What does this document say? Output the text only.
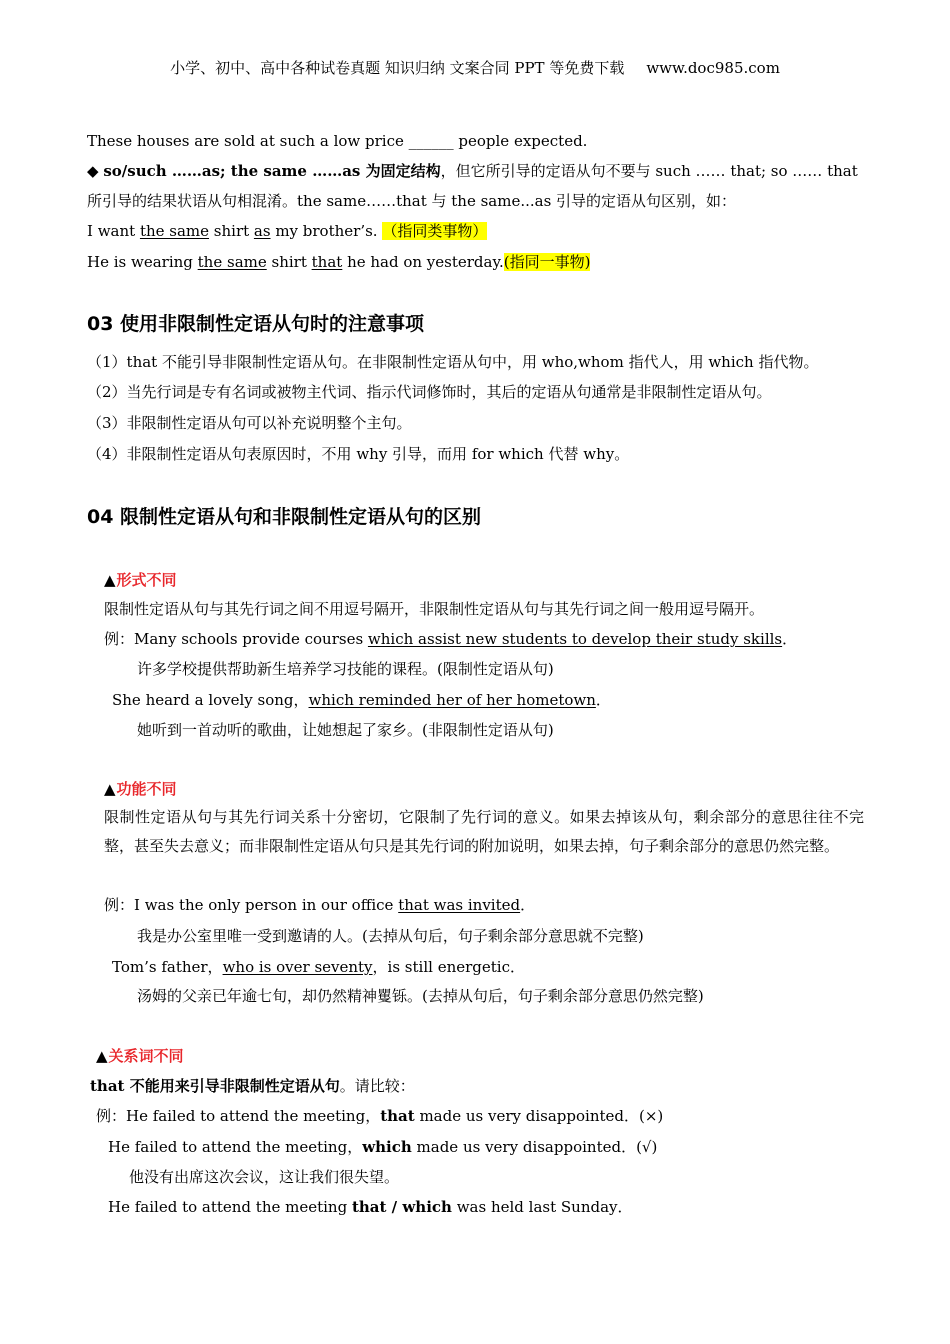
小学、初中、高中各种试卷真题 知识归纳 文案合同 PPT 等免费下载 www.doc985.com
These houses are sold at such a low price ______ people expected.
◆ so/such ……as; the same ……as 为固定结构，但它所引导的定语从句不要与 such …… that; so …… that
所引导的结果状语从句相混淆。the same……that 与 the same...as 引导的定语从句区别，如：
I want the same shirt as my brother’s. （指同类事物）
He is wearing the same shirt that he had on yesterday.(指同一事物)
03 使用非限制性定语从句时的注意事项
（1）that 不能引导非限制性定语从句。在非限制性定语从句中，用 who,whom 指代人，用 which 指代物。
（2）当先行词是专有名词或被物主代词、指示代词修饰时，其后的定语从句通常是非限制性定语从句。
（3）非限制性定语从句可以补充说明整个主句。
（4）非限制性定语从句表原因时，不用 why 引导，而用 for which 代替 why。
04 限制性定语从句和非限制性定语从句的区别
▲形式不同
限制性定语从句与其先行词之间不用逗号隔开，非限制性定语从句与其先行词之间一般用逗号隔开。
例：Many schools provide courses which assist new students to develop their study skills．
许多学校提供帮助新生培养学习技能的课程。(限制性定语从句)
She heard a lovely song，which reminded her of her hometown．
她听到一首动听的歌曲，让她想起了家乡。(非限制性定语从句)
▲功能不同
限制性定语从句与其先行词关系十分密切，它限制了先行词的意义。如果去掉该从句，剩余部分的意思往往不完整，甚至失去意义；而非限制性定语从句只是其先行词的附加说明，如果去掉，句子剩余部分的意思仍然完整。
例：I was the only person in our office that was invited．
我是办公室里唯一受到邀请的人。(去掉从句后，句子剩余部分意思就不完整)
Tom’s father，who is over seventy，is still energetic．
汤姆的父亲已年逾七旬，却仍然精神矍铄。(去掉从句后，句子剩余部分意思仍然完整)
▲关系词不同
that 不能用来引导非限制性定语从句。请比较：
例：He failed to attend the meeting，that made us very disappointed．(×)
He failed to attend the meeting，which made us very disappointed．(√)
他没有出席这次会议，这让我们很失望。
He failed to attend the meeting that / which was held last Sunday．
